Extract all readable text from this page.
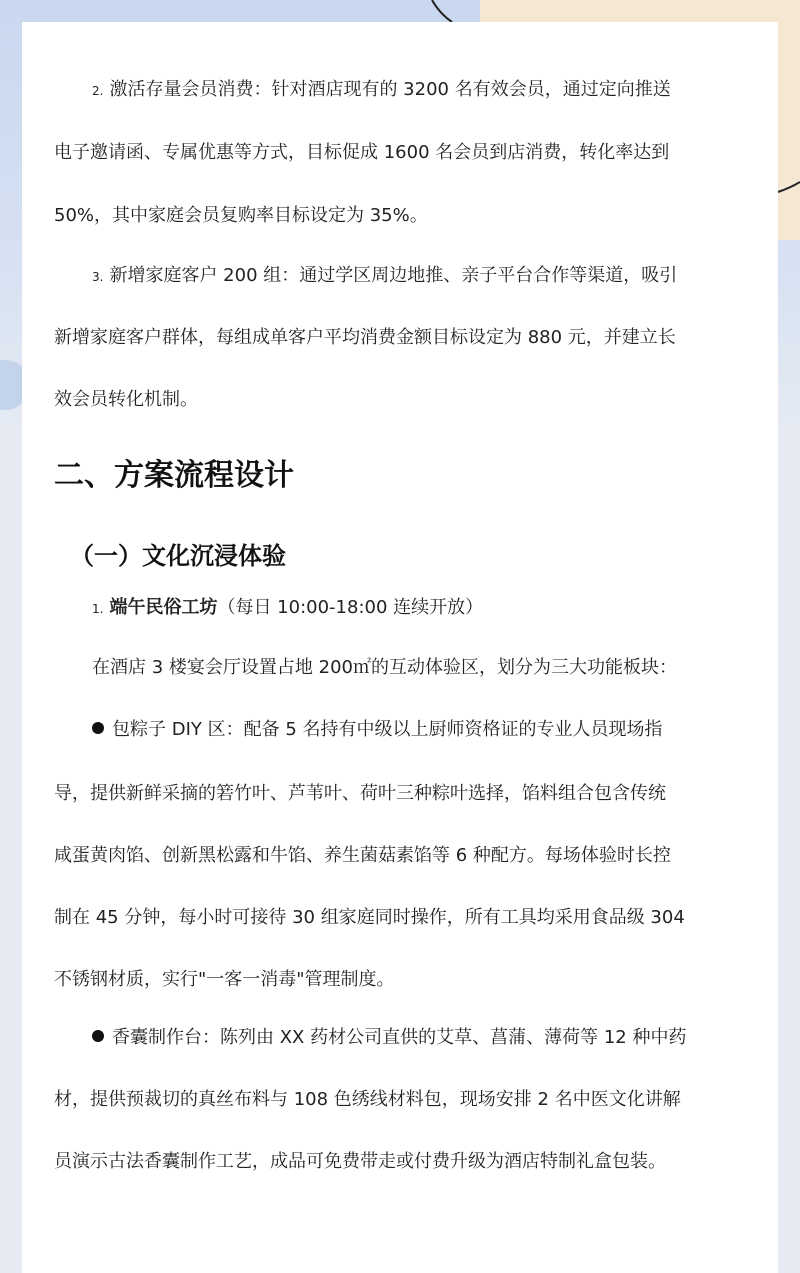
2. 激活存量会员消费：针对酒店现有的 3200 名有效会员，通过定向推送
电子邀请函、专属优惠等方式，目标促成 1600 名会员到店消费，转化率达到
50%，其中家庭会员复购率目标设定为 35%。
3. 新增家庭客户 200 组：通过学区周边地推、亲子平台合作等渠道，吸引
新增家庭客户群体，每组成单客户平均消费金额目标设定为 880 元，并建立长
效会员转化机制。
二、方案流程设计
（一）文化沉浸体验
1. 端午民俗工坊（每日 10:00-18:00 连续开放）
在酒店 3 楼宴会厅设置占地 200㎡的互动体验区，划分为三大功能板块：
包粽子 DIY 区：配备 5 名持有中级以上厨师资格证的专业人员现场指
导，提供新鲜采摘的箬竹叶、芦苇叶、荷叶三种粽叶选择，馅料组合包含传统
咸蛋黄肉馅、创新黑松露和牛馅、养生菌菇素馅等 6 种配方。每场体验时长控
制在 45 分钟，每小时可接待 30 组家庭同时操作，所有工具均采用食品级 304
不锈钢材质，实行"一客一消毒"管理制度。
香囊制作台：陈列由 XX 药材公司直供的艾草、菖蒲、薄荷等 12 种中药
材，提供预裁切的真丝布料与 108 色绣线材料包，现场安排 2 名中医文化讲解
员演示古法香囊制作工艺，成品可免费带走或付费升级为酒店特制礼盒包装。
